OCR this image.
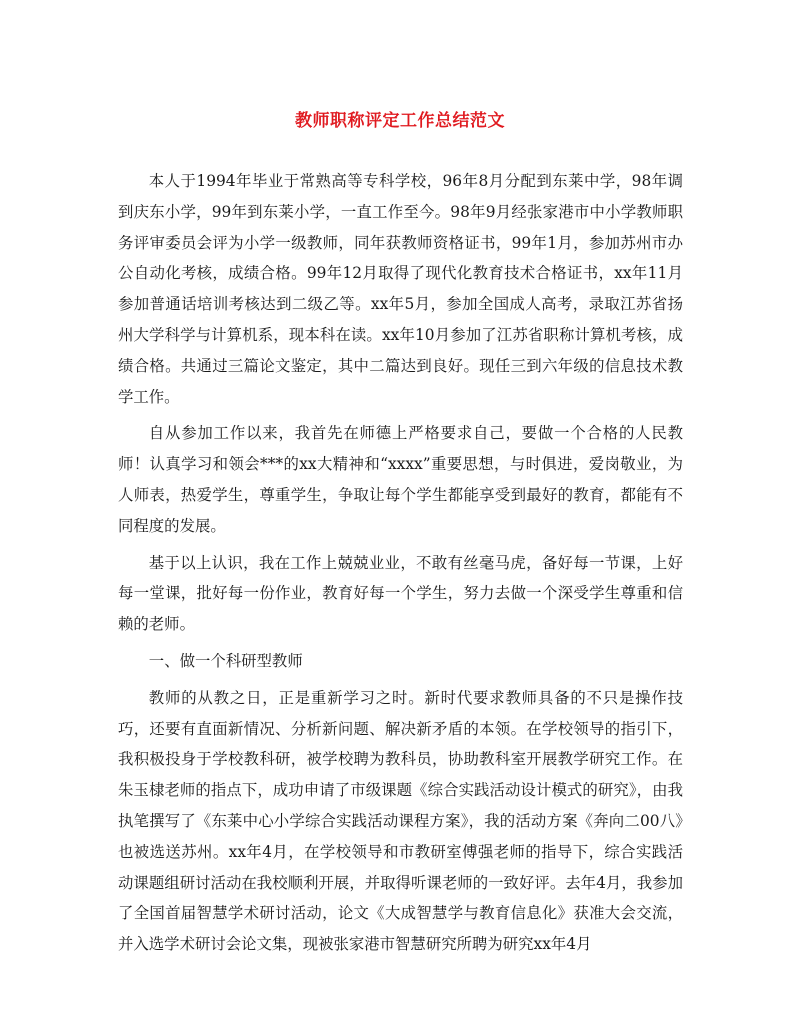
教师职称评定工作总结范文

本人于1994年毕业于常熟高等专科学校，96年8月分配到东莱中学，98年调到庆东小学，99年到东莱小学，一直工作至今。98年9月经张家港市中小学教师职务评审委员会评为小学一级教师，同年获教师资格证书，99年1月，参加苏州市办公自动化考核，成绩合格。99年12月取得了现代化教育技术合格证书，xx年11月参加普通话培训考核达到二级乙等。xx年5月，参加全国成人高考，录取江苏省扬州大学科学与计算机系，现本科在读。xx年10月参加了江苏省职称计算机考核，成绩合格。共通过三篇论文鉴定，其中二篇达到良好。现任三到六年级的信息技术教学工作。

自从参加工作以来，我首先在师德上严格要求自己，要做一个合格的人民教师！认真学习和领会***的xx大精神和“xxxx”重要思想，与时俱进，爱岗敬业，为人师表，热爱学生，尊重学生，争取让每个学生都能享受到最好的教育，都能有不同程度的发展。

基于以上认识，我在工作上兢兢业业，不敢有丝毫马虎，备好每一节课，上好每一堂课，批好每一份作业，教育好每一个学生，努力去做一个深受学生尊重和信赖的老师。

一、做一个科研型教师

教师的从教之日，正是重新学习之时。新时代要求教师具备的不只是操作技巧，还要有直面新情况、分析新问题、解决新矛盾的本领。在学校领导的指引下，我积极投身于学校教科研，被学校聘为教科员，协助教科室开展教学研究工作。在朱玉棣老师的指点下，成功申请了市级课题《综合实践活动设计模式的研究》，由我执笔撰写了《东莱中心小学综合实践活动课程方案》，我的活动方案《奔向二00八》也被选送苏州。xx年4月，在学校领导和市教研室傅强老师的指导下，综合实践活动课题组研讨活动在我校顺利开展，并取得听课老师的一致好评。去年4月，我参加了全国首届智慧学术研讨活动，论文《大成智慧学与教育信息化》获准大会交流，并入选学术研讨会论文集，现被张家港市智慧研究所聘为研究xx年4月
